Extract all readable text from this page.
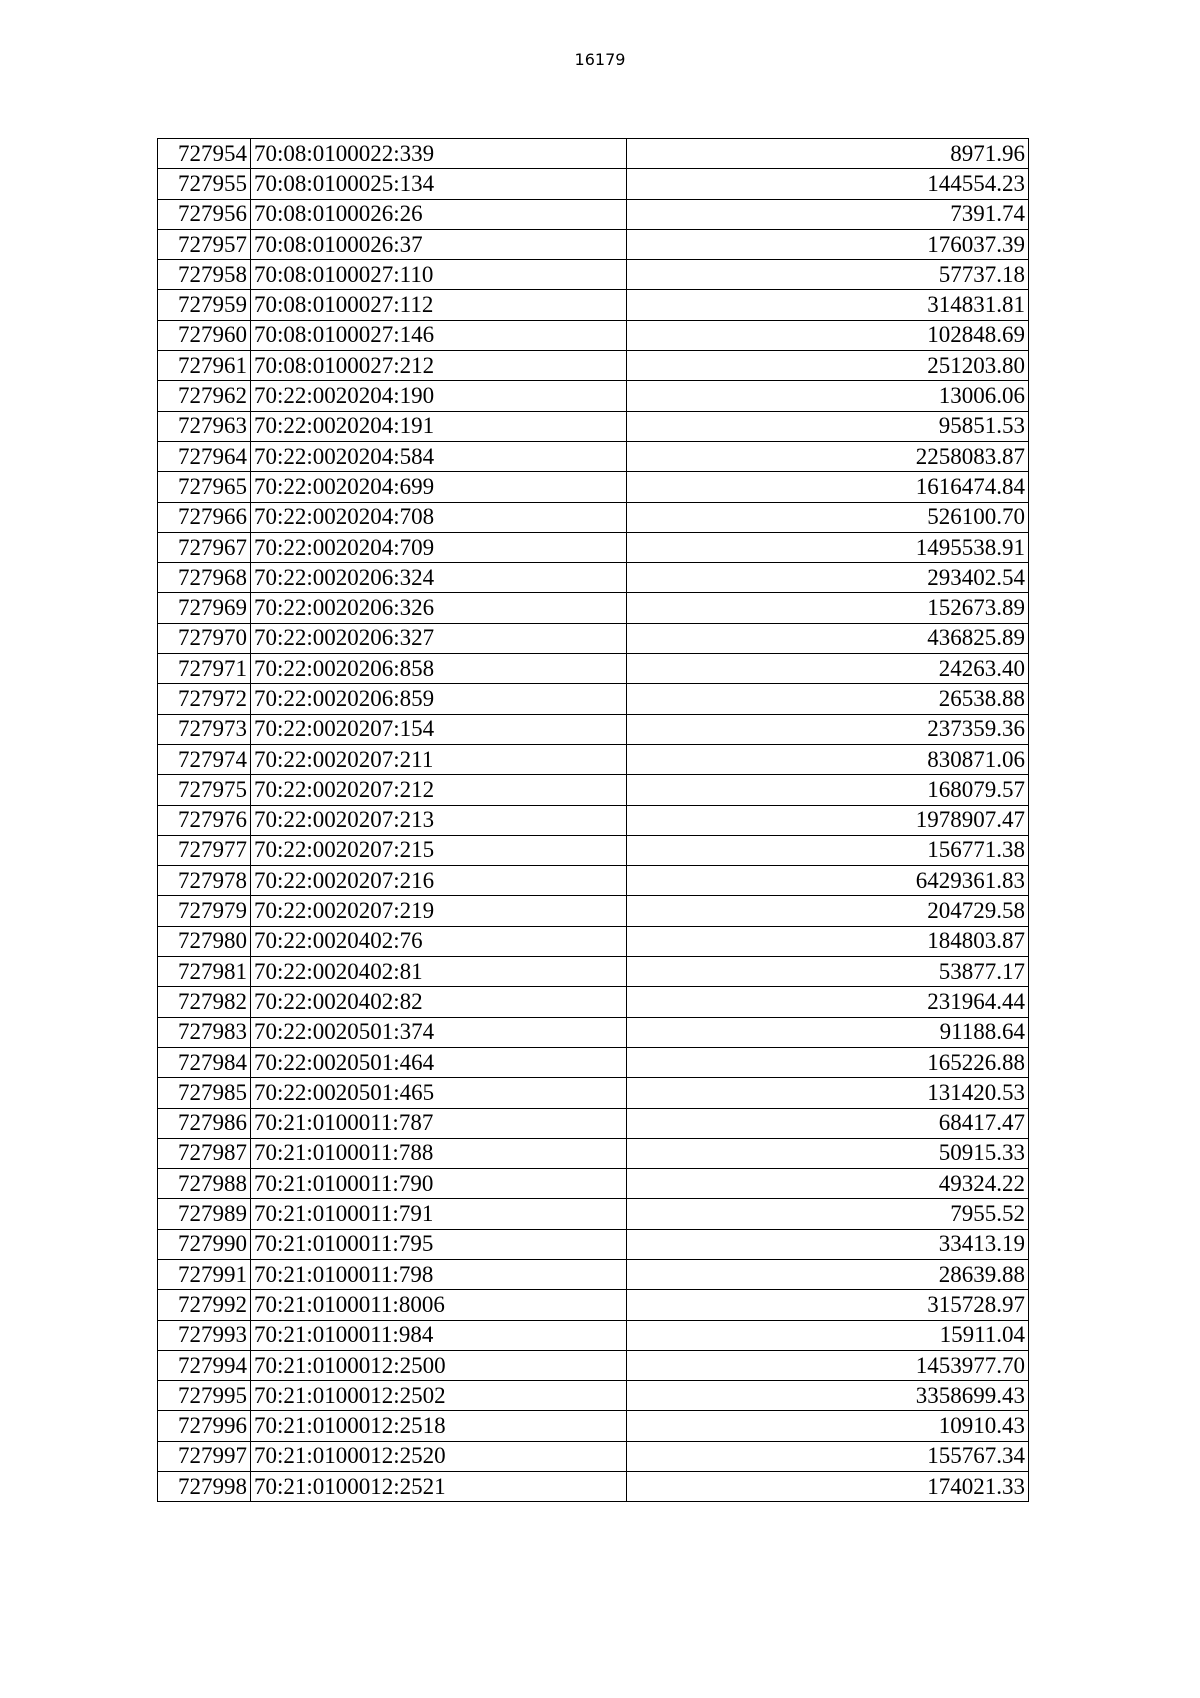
16179
727954	70:08:0100022:339	8971.96
727955	70:08:0100025:134	144554.23
727956	70:08:0100026:26	7391.74
727957	70:08:0100026:37	176037.39
727958	70:08:0100027:110	57737.18
727959	70:08:0100027:112	314831.81
727960	70:08:0100027:146	102848.69
727961	70:08:0100027:212	251203.80
727962	70:22:0020204:190	13006.06
727963	70:22:0020204:191	95851.53
727964	70:22:0020204:584	2258083.87
727965	70:22:0020204:699	1616474.84
727966	70:22:0020204:708	526100.70
727967	70:22:0020204:709	1495538.91
727968	70:22:0020206:324	293402.54
727969	70:22:0020206:326	152673.89
727970	70:22:0020206:327	436825.89
727971	70:22:0020206:858	24263.40
727972	70:22:0020206:859	26538.88
727973	70:22:0020207:154	237359.36
727974	70:22:0020207:211	830871.06
727975	70:22:0020207:212	168079.57
727976	70:22:0020207:213	1978907.47
727977	70:22:0020207:215	156771.38
727978	70:22:0020207:216	6429361.83
727979	70:22:0020207:219	204729.58
727980	70:22:0020402:76	184803.87
727981	70:22:0020402:81	53877.17
727982	70:22:0020402:82	231964.44
727983	70:22:0020501:374	91188.64
727984	70:22:0020501:464	165226.88
727985	70:22:0020501:465	131420.53
727986	70:21:0100011:787	68417.47
727987	70:21:0100011:788	50915.33
727988	70:21:0100011:790	49324.22
727989	70:21:0100011:791	7955.52
727990	70:21:0100011:795	33413.19
727991	70:21:0100011:798	28639.88
727992	70:21:0100011:8006	315728.97
727993	70:21:0100011:984	15911.04
727994	70:21:0100012:2500	1453977.70
727995	70:21:0100012:2502	3358699.43
727996	70:21:0100012:2518	10910.43
727997	70:21:0100012:2520	155767.34
727998	70:21:0100012:2521	174021.33
